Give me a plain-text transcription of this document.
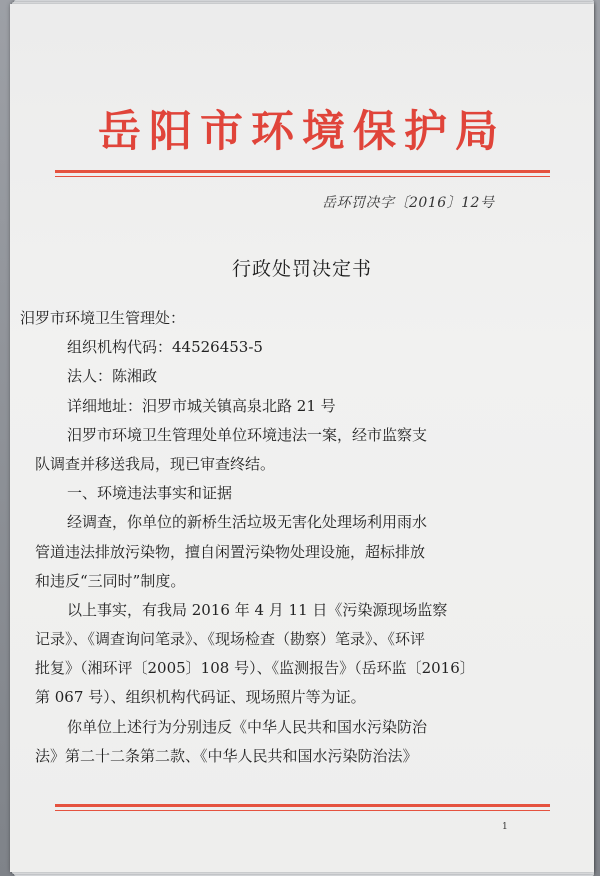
岳阳市环境保护局
岳环罚决字〔2016〕12号
行政处罚决定书
汨罗市环境卫生管理处：
组织机构代码：44526453-5
法人：陈湘政
详细地址：汨罗市城关镇高泉北路 21 号
汨罗市环境卫生管理处单位环境违法一案，经市监察支
队调查并移送我局，现已审查终结。
一、环境违法事实和证据
经调查，你单位的新桥生活垃圾无害化处理场利用雨水
管道违法排放污染物，擅自闲置污染物处理设施，超标排放
和违反“三同时”制度。
以上事实，有我局 2016 年 4 月 11 日《污染源现场监察
记录》、《调查询问笔录》、《现场检查（勘察）笔录》、《环评
批复》（湘环评〔2005〕108 号）、《监测报告》（岳环监〔2016〕
第 067 号）、组织机构代码证、现场照片等为证。
你单位上述行为分别违反《中华人民共和国水污染防治
法》第二十二条第二款、《中华人民共和国水污染防治法》
1
